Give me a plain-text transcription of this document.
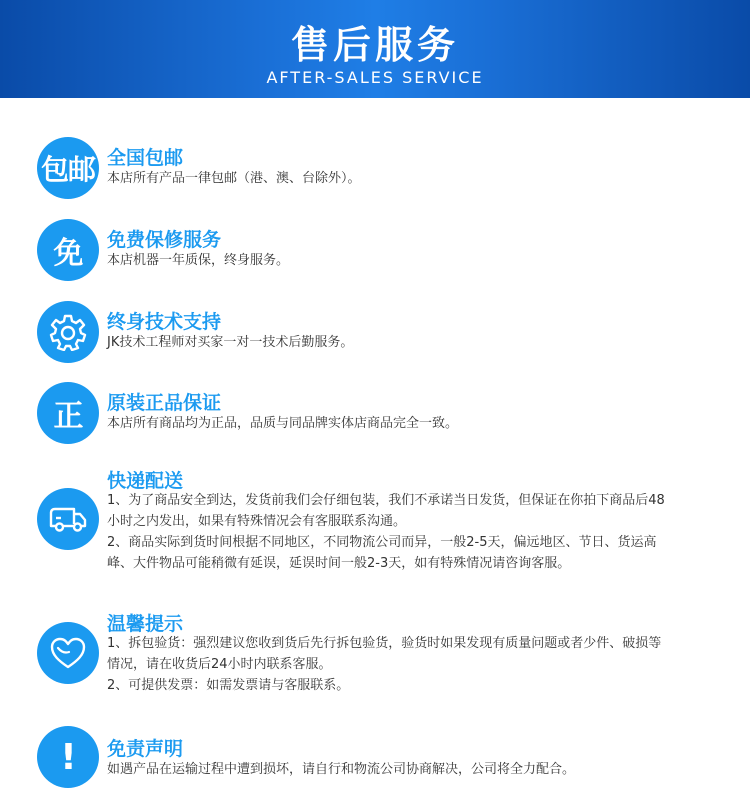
售后服务
AFTER-SALES SERVICE
包邮 全国包邮
本店所有产品一律包邮（港、澳、台除外）。
免 免费保修服务
本店机器一年质保，终身服务。
终身技术支持
JK技术工程师对买家一对一技术后勤服务。
正 原装正品保证
本店所有商品均为正品，品质与同品牌实体店商品完全一致。
快递配送
1、为了商品安全到达，发货前我们会仔细包装，我们不承诺当日发货，但保证在你拍下商品后48
小时之内发出，如果有特殊情况会有客服联系沟通。
2、商品实际到货时间根据不同地区，不同物流公司而异，一般2-5天，偏远地区、节日、货运高
峰、大件物品可能稍微有延误，延误时间一般2-3天，如有特殊情况请咨询客服。
温馨提示
1、拆包验货：强烈建议您收到货后先行拆包验货，验货时如果发现有质量问题或者少件、破损等
情况，请在收货后24小时内联系客服。
2、可提供发票：如需发票请与客服联系。
! 免责声明
如遇产品在运输过程中遭到损坏，请自行和物流公司协商解决，公司将全力配合。
